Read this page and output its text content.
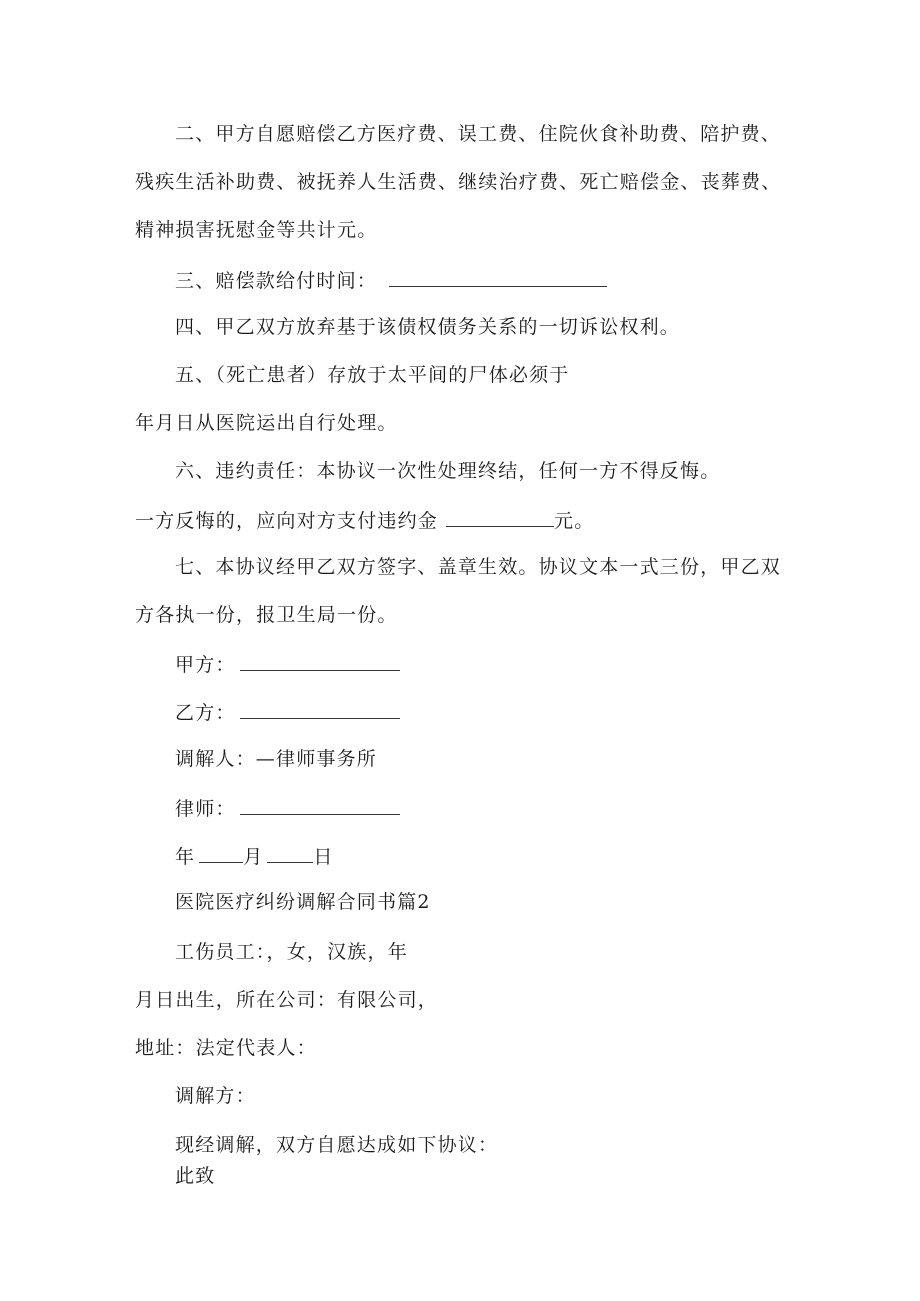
二、甲方自愿赔偿乙方医疗费、误工费、住院伙食补助费、陪护费、
残疾生活补助费、被抚养人生活费、继续治疗费、死亡赔偿金、丧葬费、
精神损害抚慰金等共计元。
三、赔偿款给付时间：
四、甲乙双方放弃基于该债权债务关系的一切诉讼权利。
五、（死亡患者）存放于太平间的尸体必须于
年月日从医院运出自行处理。
六、违约责任：本协议一次性处理终结，任何一方不得反悔。
一方反悔的，应向对方支付违约金	元。
七、本协议经甲乙双方签字、盖章生效。协议文本一式三份，甲乙双
方各执一份，报卫生局一份。
甲方：
乙方：
调解人：—律师事务所
律师：
年	月	日
医院医疗纠纷调解合同书篇2
工伤员工：，女，汉族，年
月日出生，所在公司：有限公司，
地址：法定代表人：
调解方：
现经调解，双方自愿达成如下协议：
此致
